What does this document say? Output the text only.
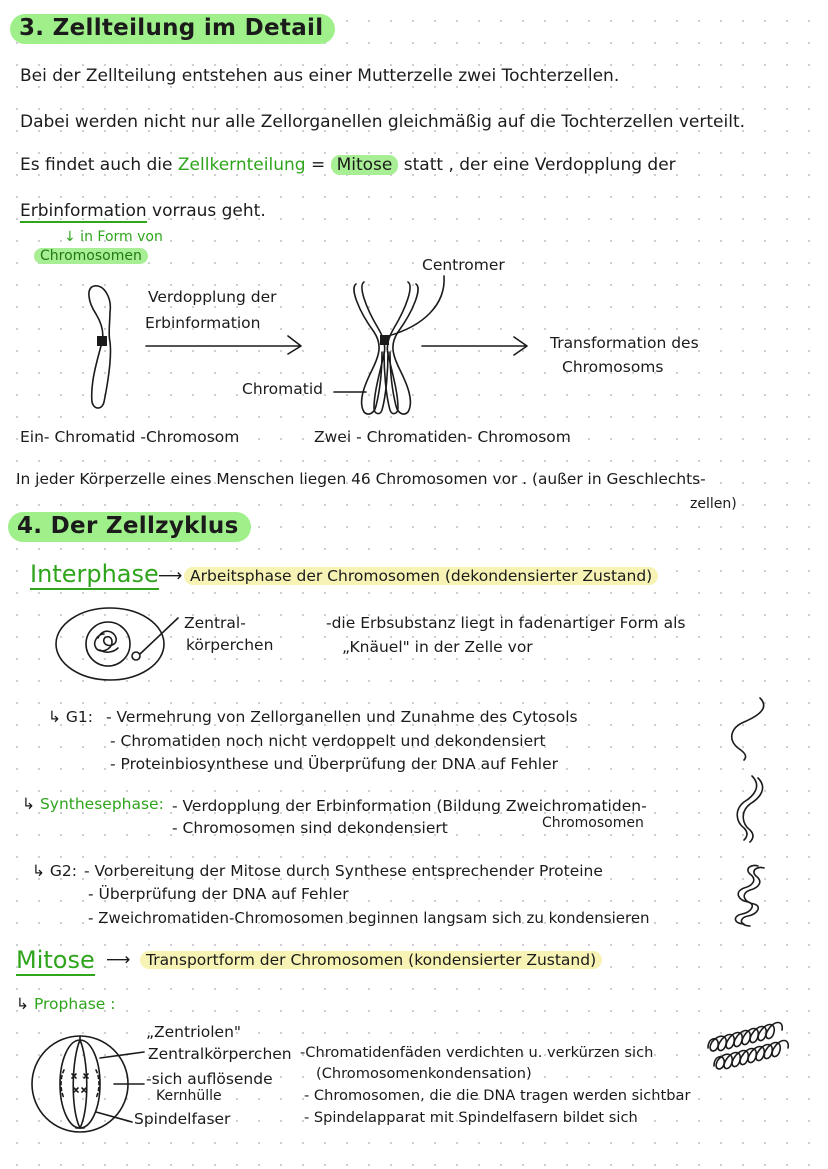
3. Zellteilung im Detail
Bei der Zellteilung entstehen aus einer Mutterzelle zwei Tochterzellen.
Dabei werden nicht nur alle Zellorganellen gleichmäßig auf die Tochterzellen verteilt.
Es findet auch die Zellkernteilung = Mitose statt , der eine Verdopplung der
Erbinformation vorraus geht.
↓ in Form von
Chromosomen
Verdopplung der
Erbinformation
Centromer
Transformation des
Chromosoms
Chromatid
Ein- Chromatid -Chromosom	Zwei - Chromatiden- Chromosom
In jeder Körperzelle eines Menschen liegen 46 Chromosomen vor . (außer in Geschlechts-
zellen)
4. Der Zellzyklus
Interphase ⟶ Arbeitsphase der Chromosomen (dekondensierter Zustand)
Zentral-
körperchen
-die Erbsubstanz liegt in fadenartiger Form als
„Knäuel" in der Zelle vor
↳ G1: - Vermehrung von Zellorganellen und Zunahme des Cytosols
- Chromatiden noch nicht verdoppelt und dekondensiert
- Proteinbiosynthese und Überprüfung der DNA auf Fehler
↳ Synthesephase: - Verdopplung der Erbinformation (Bildung Zweichromatiden-
Chromosomen
- Chromosomen sind dekondensiert
↳ G2: - Vorbereitung der Mitose durch Synthese entsprechender Proteine
- Überprüfung der DNA auf Fehler
- Zweichromatiden-Chromosomen beginnen langsam sich zu kondensieren
Mitose ⟶	Transportform der Chromosomen (kondensierter Zustand)
↳ Prophase :
„Zentriolen"
Zentralkörperchen
-sich auflösende
Kernhülle
Spindelfaser
-Chromatidenfäden verdichten u. verkürzen sich
(Chromosomenkondensation)
- Chromosomen, die die DNA tragen werden sichtbar
- Spindelapparat mit Spindelfasern bildet sich
